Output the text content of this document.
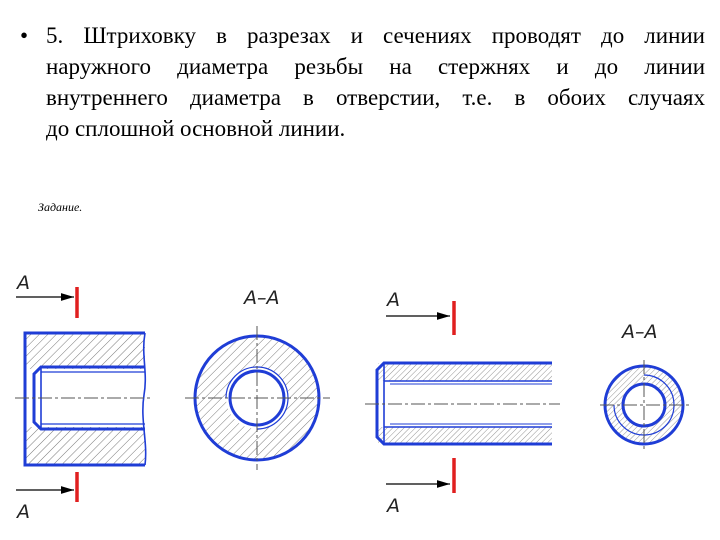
• 5. Штриховку в разрезах и сечениях проводят до линии
наружного диаметра резьбы на стержнях и до линии
внутреннего диаметра в отверстии, т.е. в обоих случаях
до сплошной основной линии.
Задание.
А
А
А–А	А
А
А–А
